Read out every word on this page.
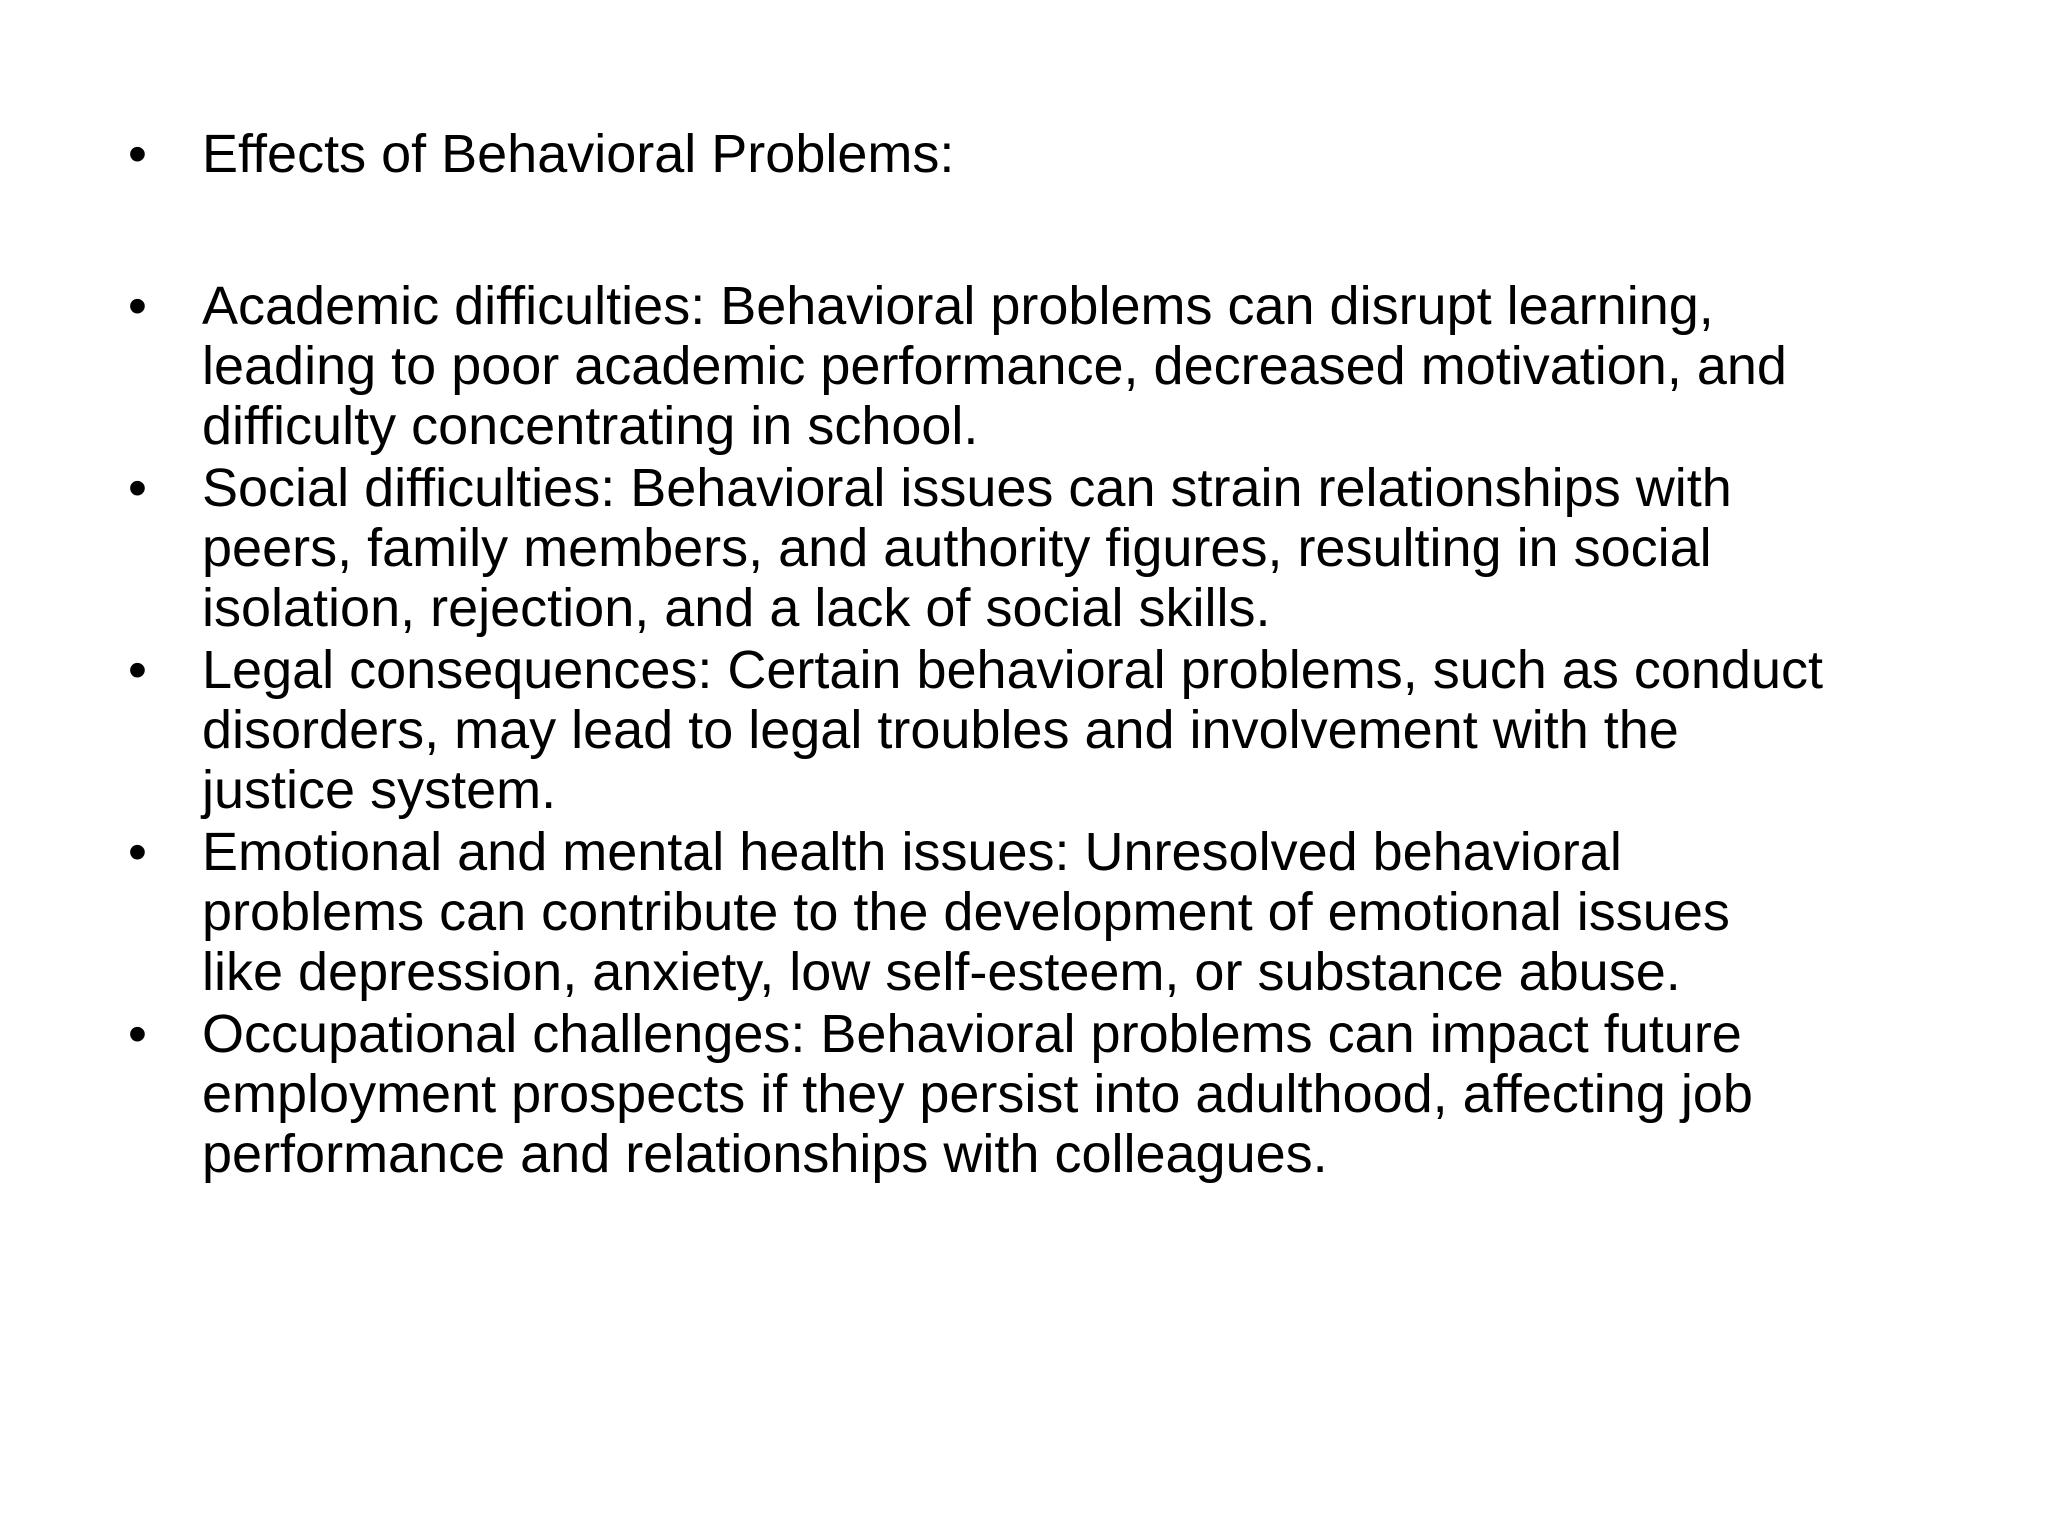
•	Effects of Behavioral Problems:
•	Academic difficulties: Behavioral problems can disrupt learning,
leading to poor academic performance, decreased motivation, and
difficulty concentrating in school.
•	Social difficulties: Behavioral issues can strain relationships with
peers, family members, and authority figures, resulting in social
isolation, rejection, and a lack of social skills.
•	Legal consequences: Certain behavioral problems, such as conduct
disorders, may lead to legal troubles and involvement with the
justice system.
•	Emotional and mental health issues: Unresolved behavioral
problems can contribute to the development of emotional issues
like depression, anxiety, low self-esteem, or substance abuse.
•	Occupational challenges: Behavioral problems can impact future
employment prospects if they persist into adulthood, affecting job
performance and relationships with colleagues.
